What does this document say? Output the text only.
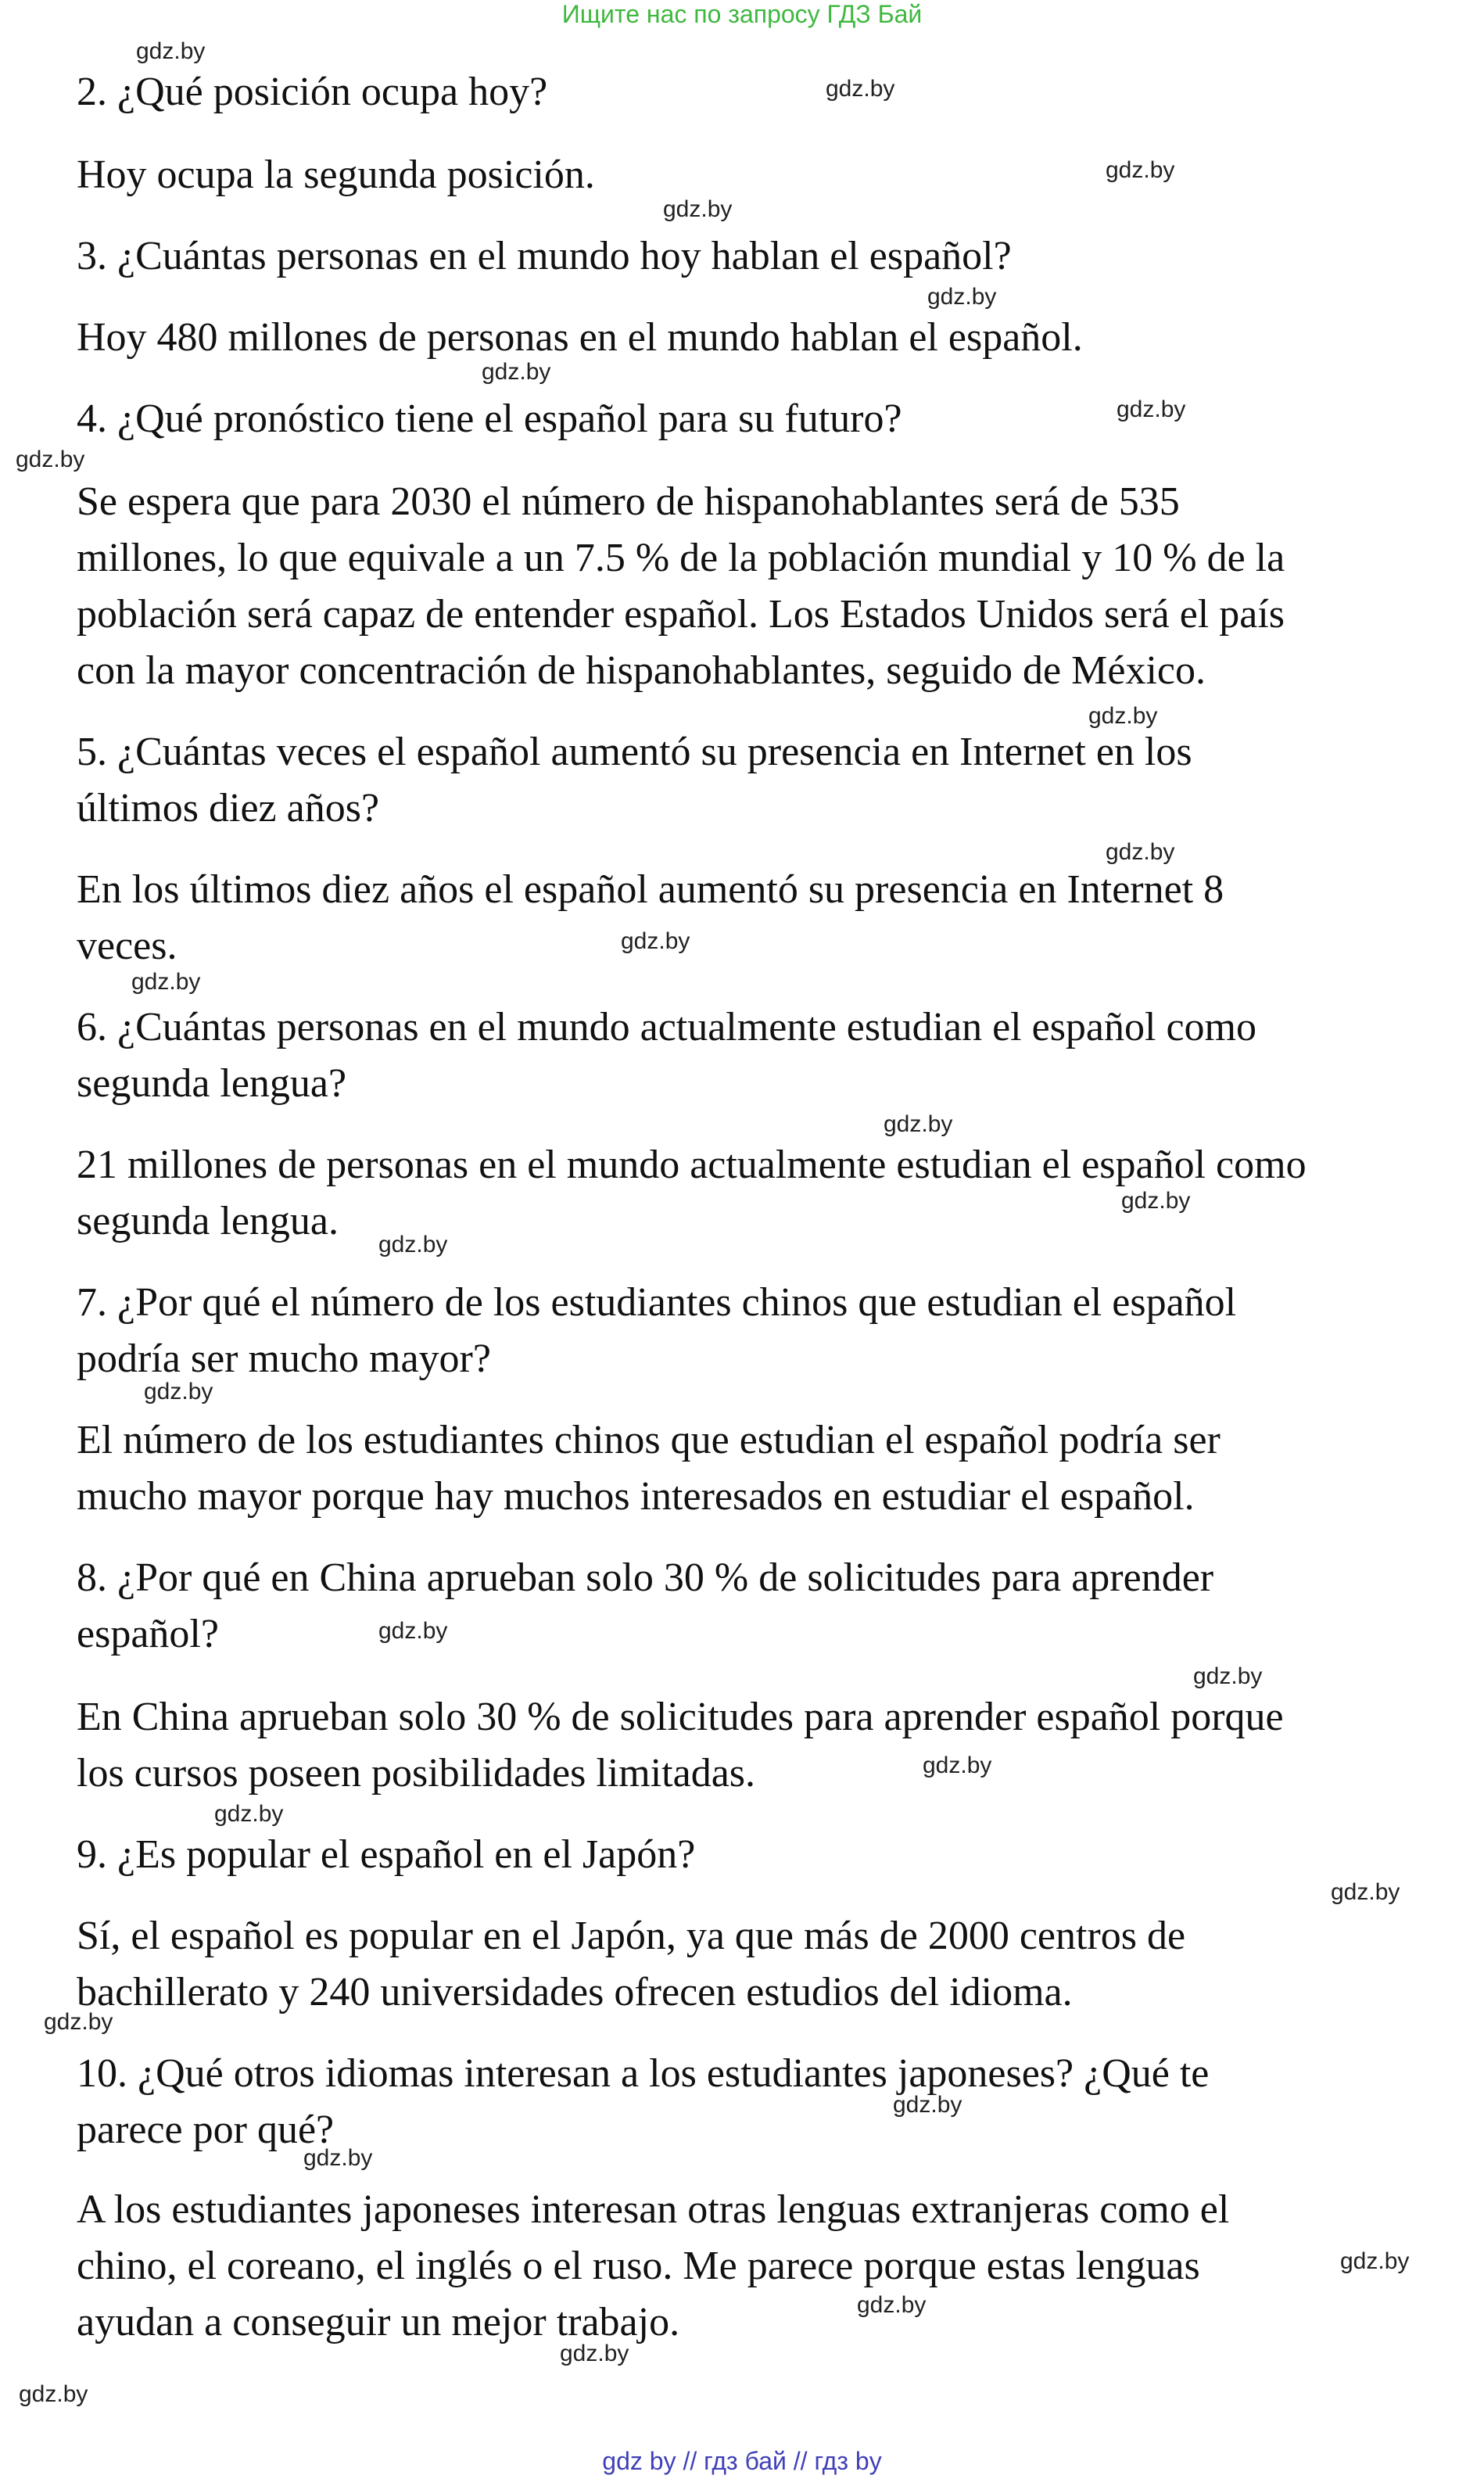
Ищите нас по запросу ГДЗ Бай

2. ¿Qué posición ocupa hoy?

Hoy ocupa la segunda posición.

3. ¿Cuántas personas en el mundo hoy hablan el español?

Hoy 480 millones de personas en el mundo hablan el español.

4. ¿Qué pronóstico tiene el español para su futuro?

Se espera que para 2030 el número de hispanohablantes será de 535
millones, lo que equivale a un 7.5 % de la población mundial y 10 % de la
población será capaz de entender español. Los Estados Unidos será el país
con la mayor concentración de hispanohablantes, seguido de México.

5. ¿Cuántas veces el español aumentó su presencia en Internet en los
últimos diez años?

En los últimos diez años el español aumentó su presencia en Internet 8
veces.

6. ¿Cuántas personas en el mundo actualmente estudian el español como
segunda lengua?

21 millones de personas en el mundo actualmente estudian el español como
segunda lengua.

7. ¿Por qué el número de los estudiantes chinos que estudian el español
podría ser mucho mayor?

El número de los estudiantes chinos que estudian el español podría ser
mucho mayor porque hay muchos interesados en estudiar el español.

8. ¿Por qué en China aprueban solo 30 % de solicitudes para aprender
español?

En China aprueban solo 30 % de solicitudes para aprender español porque
los cursos poseen posibilidades limitadas.

9. ¿Es popular el español en el Japón?

Sí, el español es popular en el Japón, ya que más de 2000 centros de
bachillerato y 240 universidades ofrecen estudios del idioma.

10. ¿Qué otros idiomas interesan a los estudiantes japoneses? ¿Qué te
parece por qué?

A los estudiantes japoneses interesan otras lenguas extranjeras como el
chino, el coreano, el inglés o el ruso. Me parece porque estas lenguas
ayudan a conseguir un mejor trabajo.

gdz.by
gdz.by
gdz.by
gdz.by
gdz.by
gdz.by
gdz.by
gdz.by
gdz.by
gdz.by
gdz.by
gdz.by
gdz.by
gdz.by
gdz.by
gdz.by
gdz.by
gdz.by
gdz.by
gdz.by
gdz.by
gdz.by
gdz.by
gdz.by
gdz.by
gdz.by
gdz.by
gdz.by
gdz by // гдз бай // гдз by
